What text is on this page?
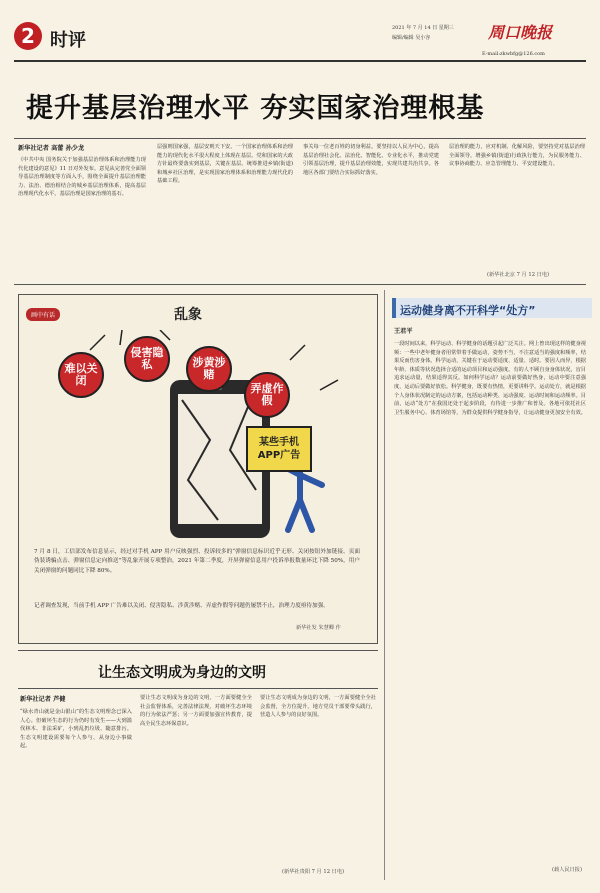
2 时评
2021 年 7 月 14 日 星期三
编辑/编辑 吴小容	周口晚报
E-mail:zkwbfg@126.com
提升基层治理水平 夯实国家治理根基
新华社记者 高蕾 孙少龙
《中共中央 国务院关于加强基层治理体系和治理能力现代化建设的意见》11 日对外发布。意见从完善党全面领导基层治理制度等方面入手，围绕全面提升基层治理能力、法治、德治相结合的城乡基层治理体系，提高基层治理现代化水平。基层治理是国家治理的基石。
层强则国家强，基层安则天下安。一个国家治理体系和治理能力的现代化水平很大程度上体现在基层。党和国家的大政方针最终要落实到基层，关键在基层。统筹推进乡镇(街道)和城乡社区治理，是实现国家治理体系和治理能力现代化的基础工程。
事关每一位老百姓的切身利益。要坚持以人民为中心，提高基层治理社会化、法治化、智能化、专业化水平，推动党建引领基层治理，提升基层治理效能，实现共建共治共享。各地区各部门要结合实际抓好落实。
层治理的能力，应对机制、化解风险，要坚持党对基层治理全面领导，增强乡镇(街道)行政执行能力，为民服务能力、议事协商能力、应急管理能力、平安建设能力。
(新华社北京 7 月 12 日电)
画中有话	乱象
难以关闭
侵害隐私	涉黄涉赌
弄虚作假
某些手机APP广告
7 月 8 日，工信部发布信息显示，经过对手机 APP 用户反映强烈、投诉较多的“弹窗信息标识近乎无形、关闭按钮外加链接、页面伪装诱骗点击、弹窗信息定向推送”等乱象开展专项整治，2021 年第二季度，开屏弹窗信息用户投诉举报数量环比下降 50%，用户关闭弹窗的问题同比下降 80%。
记者调查发现，当前手机 APP 广告难以关闭、侵害隐私、涉黄涉赌、弄虚作假等问题仍屡禁不止，治理力度亟待加强。
新华社发 朱慧卿 作
运动健身离不开科学“处方”
王君平
一段时间以来，科学运动、科学健身的话题引起广泛关注。网上曾出现这样的健身视频：一些中老年健身者用常带着手做运动，姿势不当，不注意适当的强度和频率，结果反而伤害身体。科学运动，关键在于运动要适度、适量、适时。要因人而异，根据年龄、体质等状况选择合适的运动项目和运动强度。有的人不顾自身身体状况，盲目追求运动量，结果适得其反。如何科学运动？运动前要做好热身，运动中要注意强度，运动后要做好放松。科学健身，既要有热情，更要讲科学。运动处方，就是根据个人身体状况制定的运动方案，包括运动种类、运动强度、运动时间和运动频率。目前，运动“处方”在我国还处于起步阶段，有待进一步推广和普及。各地可依托社区卫生服务中心、体育场馆等，为群众提供科学健身指导，让运动健身更加安全有效。
(载人民日报)
让生态文明成为身边的文明
新华社记者 芦健
“绿水青山就是金山银山”的生态文明理念已深入人心。但破坏生态的行为仍时有发生——大到滥伐林木、非法采矿，小到乱扔垃圾、随意排污。生态文明建设需要每个人参与，从身边小事做起。
要让生态文明成为身边的文明，一方面要健全全社会监督体系，完善法律法规，对破坏生态环境的行为依法严惩；另一方面要加强宣传教育，提高全民生态环保意识。
要让生态文明成为身边的文明，一方面要健全全社会监督，全方位提升。地方党员干部要带头践行，营造人人参与的良好氛围。
(新华社贵阳 7 月 12 日电)
